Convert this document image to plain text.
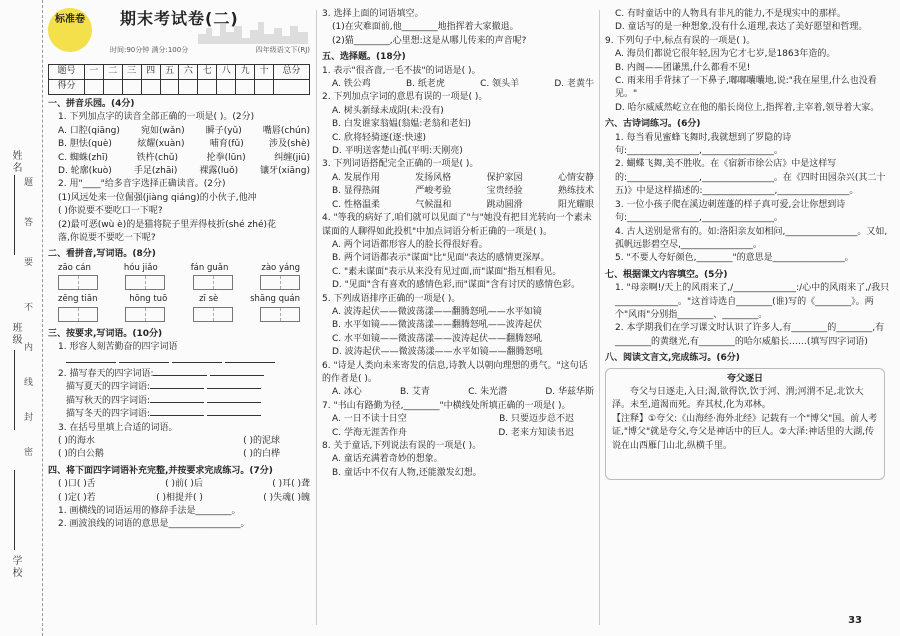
姓名
班级
学校
题
答
要
不
内
线
封
密
标准卷	期末考试卷(二)
时间:90分钟 满分:100分	四年级语文下(RJ)
题号	一	二	三	四	五	六	七	八	九	十	总分
得分											
一、拼音乐园。(4分)
1. 下列加点字的读音全部正确的一项是( )。(2分)
A. 口腔(qiāng) 宛如(wǎn) 瞬子(yǔ) 嘴唇(chún)
B. 胆怯(què)	炫耀(xuàn)	哺育(fǔ)	涉及(shè)
C. 蜘蛛(zhī)	铁杵(chǔ)	抡拳(lūn)	纠缠(jiū)
D. 轮廓(kuò) 手足(zhāi) 裸露(luǒ) 镶牙(xiāng)
2. 用"____"给多音字选择正确读音。(2分)
(1)风远处来一位倔强(jiàng qiáng)的小伙子,他冲
( )你说要不要吃口一下呢?
(2)最可恶(wù è)的是猫将院子里弄得枝折(shé zhé)花
落,你说要不要吃一下呢?
二、看拼音,写词语。(8分)
zāo cán	hóu jiǎo	fán guǎn	zào yáng
zēng tiān	hōng tuō	zī sè	shāng quán
三、按要求,写词语。(10分)
1. 形容人刻苦勤奋的四字词语

2. 描写春天的四字词语:
描写夏天的四字词语:
描写秋天的四字词语:
描写冬天的四字词语:
3. 在括号里填上合适的词语。
( )的海水	( )的泥球
( )的白公鹅	( )的白桦
四、将下面四字词语补充完整,并按要求完成练习。(7分)
( )口( )舌	( )前( )后	( )耳( )聋
( )定( )若	( )相提并( )	( )失魂( )魄
1. 画横线的词语运用的修辞手法是________。
2. 画波浪线的词语的意思是________________。
3. 选择上面的词语填空。
(1)在灾难面前,他________地指挥着大家撤退。
(2)猫________,心里想:这是从哪儿传来的声音呢?
五、选择题。(18分)
1. 表示"很吝啬,一毛不拔"的词语是( )。
A. 铁公鸡	B. 纸老虎	C. 领头羊	D. 老黄牛
2. 下列加点字词的意思有误的一项是( )。
A. 树头新绿未成阴(未:没有)
B. 白发谁家翁媪(翁媪:老翁和老妇)
C. 欣将轻骑逐(逐:快速)
D. 平明送客楚山孤(平明:天刚亮)
3. 下列词语搭配完全正确的一项是( )。
A. 发展作用	发扬风格	保护家园	心情安静
B. 显得热闹	严峻考验	宝贵经验	熟练技术
C. 性格温柔	气候温和	跳动圆滑	阳光耀眼
4. "等我的病好了,咱们就可以见面了"与"她没有把目光转向一个素未谋面的人聊得如此投机"中加点词语分析正确的一项是( )。
A. 两个词语都形容人的脸长得很好看。
B. 两个词语都表示"谋面"比"见面"表达的感情更深厚。
C. "素未谋面"表示从来没有见过面,而"谋面"指互相看见。
D. "见面"含有喜欢的感情色彩,而"谋面"含有讨厌的感情色彩。
5. 下列成语排序正确的一项是( )。
A. 波涛起伏——微波荡漾——翻腾怒吼——水平如镜
B. 水平如镜——微波荡漾——翻腾怒吼——波涛起伏
C. 水平如镜——微波荡漾——波涛起伏——翻腾怒吼
D. 波涛起伏——微波荡漾——水平如镜——翻腾怒吼
6. "诗是人类向未来寄发的信息,诗教人以朝向理想的勇气。"这句话的作者是( )。
A. 冰心	B. 艾青	C. 朱光潜	D. 华兹华斯
7. "书山有路勤为径,________"中横线处所填正确的一项是( )。
A. 一日不读十日空	B. 只要迈步总不迟
C. 学海无涯苦作舟	D. 老来方知读书迟
8. 关于童话,下列说法有误的一项是( )。
A. 童话充满着奇妙的想象。
B. 童话中不仅有人物,还能激发幻想。
C. 有时童话中的人物具有非凡的能力,不是现实中的那样。
D. 童话写的是一种想象,没有什么道理,表达了美好愿望和哲理。
9. 下列句子中,标点有误的一项是( )。
A. 海员们都说它很年轻,因为它才七岁,是1863年造的。
B. 内阁——团谦黑,什么都看不见!
C. 雨来用手背抹了一下鼻子,嘟嘟囔囔地,说:"我在屋里,什么也没看见。"
D. 哈尔威威然屹立在他的船长岗位上,指挥着,主宰着,领导着大家。
六、古诗词练习。(6分)
1. 每当看见蜜蜂飞舞时,我就想到了罗隐的诗句:________________,________________。
2. 蝴蝶飞舞,美不胜收。在《宿新市徐公店》中是这样写的:________________,________________。在《四时田园杂兴(其二十五)》中是这样描述的:________________,________________。
3. 一位小孩子爬在溪边刺莲蓬的样子真可爱,会让你想到诗句:________________,________________。
4. 古人送别是常有的。如:洛阳亲友如相问,________________。又如,孤帆远影碧空尽,________________。
5. "不要人夸好颜色,________"的意思是________________。
七、根据课文内容填空。(5分)
1. "母亲啊!/天上的风雨来了,/______________:/心中的风雨来了,/我只______________。"这首诗选自________(谁)写的《________》。两个"风雨"分别指________、________。
2. 本学期我们在学习课文时认识了许多人,有________的________,有________的黄继光,有________的哈尔威船长……(填写四字词语)
八、阅读文言文,完成练习。(6分)
夸父逐日
夸父与日逐走,入日;渴,欲得饮,饮于河、渭;河渭不足,北饮大泽。未至,道渴而死。弃其杖,化为邓林。
【注释】①夸父:《山海经·海外北经》记载有一个"博父"国。前人考证,"博父"就是夸父,夸父是神话中的巨人。②大泽:神话里的大湖,传说在山西雁门山北,纵横千里。
33
